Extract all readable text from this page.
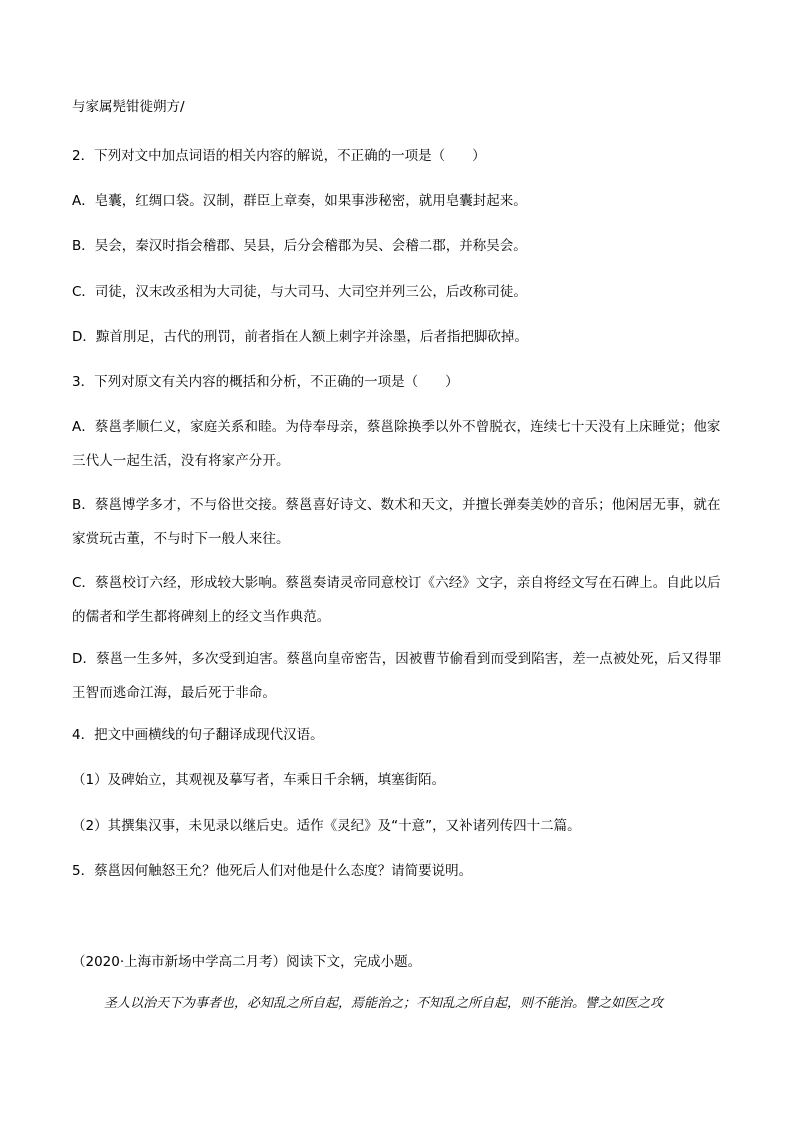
与家属髡钳徙朔方/
2．下列对文中加点词语的相关内容的解说，不正确的一项是（　　）
A．皂囊，红绸口袋。汉制，群臣上章奏，如果事涉秘密，就用皂囊封起来。
B．吴会，秦汉时指会稽郡、吴县，后分会稽郡为吴、会稽二郡，并称吴会。
C．司徒，汉末改丞相为大司徒，与大司马、大司空并列三公，后改称司徒。
D．黥首刖足，古代的刑罚，前者指在人额上刺字并涂墨，后者指把脚砍掉。
3．下列对原文有关内容的概括和分析，不正确的一项是（　　）
A．蔡邕孝顺仁义，家庭关系和睦。为侍奉母亲，蔡邕除换季以外不曾脱衣，连续七十天没有上床睡觉；他家三代人一起生活，没有将家产分开。
B．蔡邕博学多才，不与俗世交接。蔡邕喜好诗文、数术和天文，并擅长弹奏美妙的音乐；他闲居无事，就在家赏玩古董，不与时下一般人来往。
C．蔡邕校订六经，形成较大影响。蔡邕奏请灵帝同意校订《六经》文字，亲自将经文写在石碑上。自此以后的儒者和学生都将碑刻上的经文当作典范。
D．蔡邕一生多舛，多次受到迫害。蔡邕向皇帝密告，因被曹节偷看到而受到陷害，差一点被处死，后又得罪王智而逃命江海，最后死于非命。
4．把文中画横线的句子翻译成现代汉语。
（1）及碑始立，其观视及摹写者，车乘日千余辆，填塞街陌。
（2）其撰集汉事，未见录以继后史。适作《灵纪》及“十意”，又补诸列传四十二篇。
5．蔡邕因何触怒王允？他死后人们对他是什么态度？请简要说明。
（2020·上海市新场中学高二月考）阅读下文，完成小题。
圣人以治天下为事者也，必知乱之所自起，焉能治之；不知乱之所自起，则不能治。譬之如医之攻
